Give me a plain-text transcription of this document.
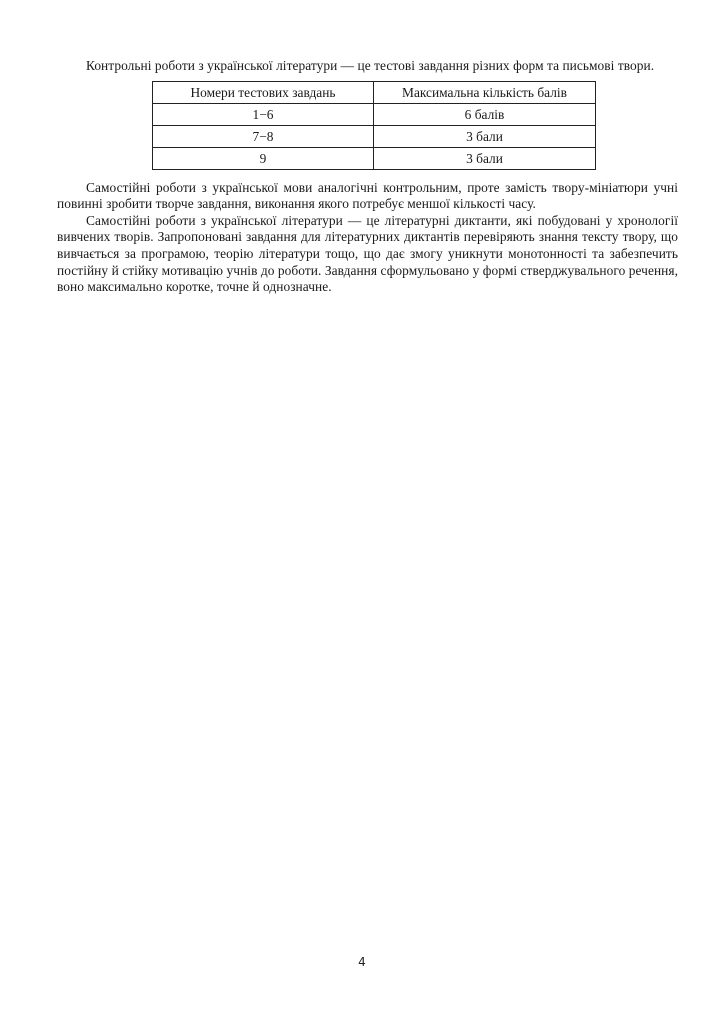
Контрольні роботи з української літератури — це тестові завдання різних форм та письмові твори.

Номери тестових завдань	Максимальна кількість балів
1−6	6 балів
7−8	3 бали
9	3 бали

Самостійні роботи з української мови аналогічні контрольним, проте замість твору-мініатюри учні повинні зробити творче завдання, виконання якого потребує меншої кількості часу.

Самостійні роботи з української літератури — це літературні диктанти, які побудовані у хронології вивчених творів. Запропоновані завдання для літературних диктантів перевіряють знання тексту твору, що вивчається за програмою, теорію літератури тощо, що дає змогу уникнути монотонності та забезпечить постійну й стійку мотивацію учнів до роботи. Завдання сформульовано у формі стверджувального речення, воно максимально коротке, точне й однозначне.

4
